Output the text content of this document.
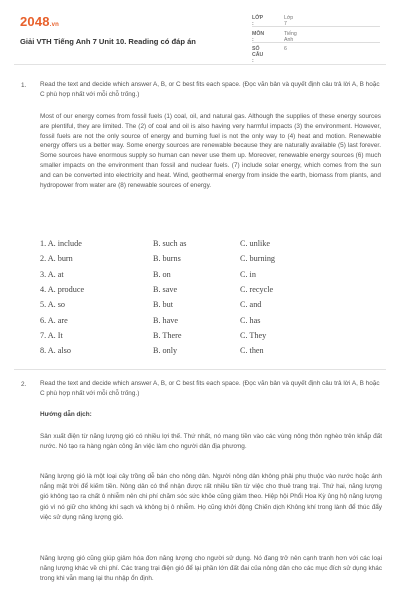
2048.vn
Giải VTH Tiếng Anh 7 Unit 10. Reading có đáp án
LỚP :
Lớp 7
MÔN :
Tiếng Anh
SỐ CÂU :
6
1. Read the text and decide which answer A, B, or C best fits each space. (Đọc văn bản và quyết định câu trả lời A, B hoặc C phù hợp nhất với mỗi chỗ trống.)
Most of our energy comes from fossil fuels (1) coal, oil, and natural gas. Although the supplies of these energy sources are plentiful, they are limited. The (2) of coal and oil is also having very harmful impacts (3) the environment. However, fossil fuels are not the only source of energy and burning fuel is not the only way to (4) heat and motion. Renewable energy offers us a better way. Some energy sources are renewable because they are naturally available (5) last forever. Some sources have enormous supply so human can never use them up. Moreover, renewable energy sources (6) much smaller impacts on the environment than fossil and nuclear fuels. (7) include solar energy, which comes from the sun and can be converted into electricity and heat. Wind, geothermal energy from inside the earth, biomass from plants, and hydropower from water are (8) renewable sources of energy.
1. A. include	B. such as	C. unlike
2. A. burn	B. burns	C. burning
3. A. at	B. on	C. in
4. A. produce	B. save	C. recycle
5. A. so	B. but	C. and
6. A. are	B. have	C. has
7. A. It	B. There	C. They
8. A. also	B. only	C. then
2. Read the text and decide which answer A, B, or C best fits each space. (Đọc văn bản và quyết định câu trả lời A, B hoặc C phù hợp nhất với mỗi chỗ trống.)
Hướng dẫn dịch:
Sản xuất điện từ năng lượng gió có nhiều lợi thế. Thứ nhất, nó mang tiền vào các vùng nông thôn nghèo trên khắp đất nước. Nó tạo ra hàng ngàn công ăn việc làm cho người dân địa phương.
Năng lượng gió là một loại cây trồng dễ bán cho nông dân. Người nông dân không phải phụ thuộc vào nước hoặc ánh nắng mặt trời để kiếm tiền. Nông dân có thể nhận được rất nhiều tiền từ việc cho thuê trang trại. Thứ hai, năng lượng gió không tạo ra chất ô nhiễm nên chi phí chăm sóc sức khỏe cũng giảm theo. Hiệp hội Phổi Hoa Kỳ ủng hộ năng lượng gió vì nó giữ cho không khí sạch và không bị ô nhiễm. Họ cũng khởi động Chiến dịch Không khí trong lành để thúc đẩy việc sử dụng năng lượng gió.
Năng lượng gió cũng giúp giảm hóa đơn năng lượng cho người sử dụng. Nó đang trở nên cạnh tranh hơn với các loại năng lượng khác về chi phí. Các trang trại điện gió để lại phần lớn đất đai của nông dân cho các mục đích sử dụng khác trong khi vẫn mang lại thu nhập ổn định.
